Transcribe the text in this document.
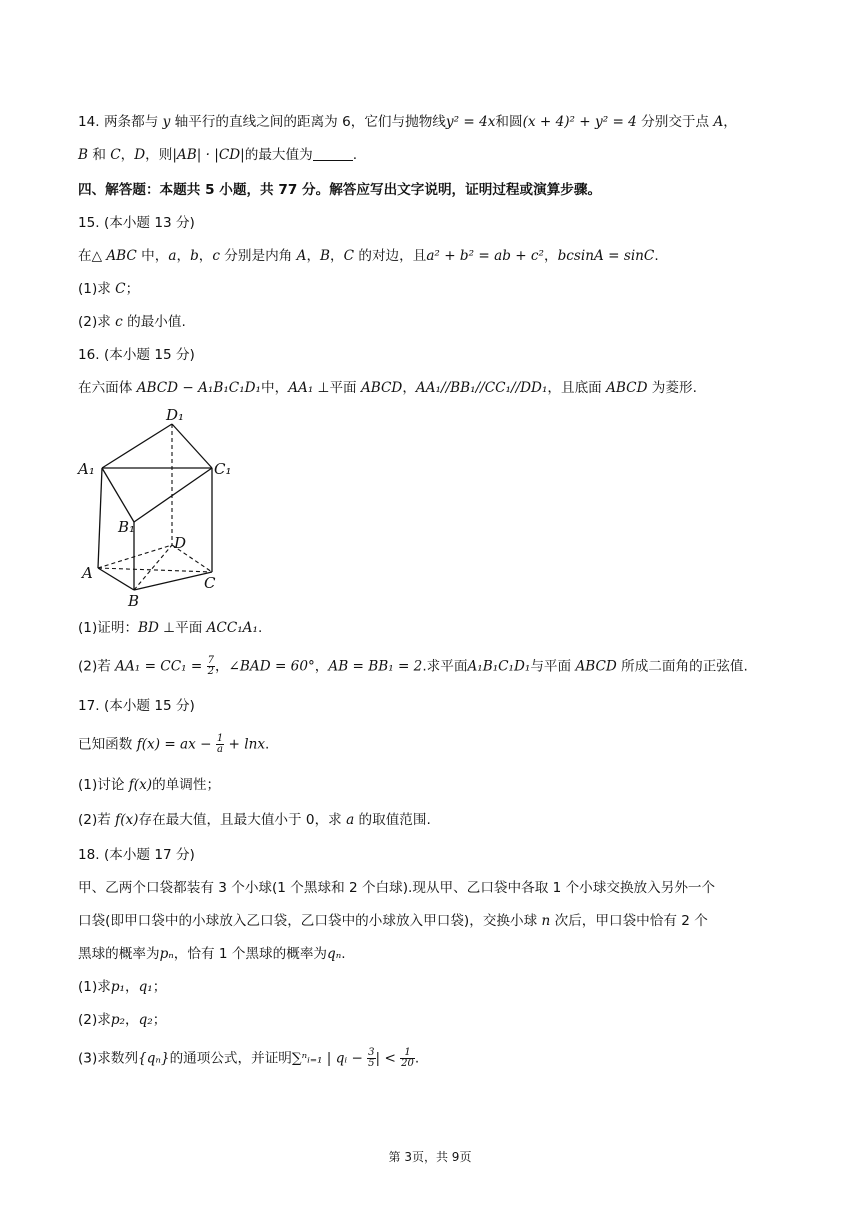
14. 两条都与 y 轴平行的直线之间的距离为 6，它们与抛物线y² = 4x和圆(x + 4)² + y² = 4 分别交于点 A，
B 和 C，D，则|AB| · |CD|的最大值为	.
四、解答题：本题共 5 小题，共 77 分。解答应写出文字说明，证明过程或演算步骤。
15. (本小题 13 分)
在△ ABC 中，a，b，c 分别是内角 A，B，C 的对边，且a² + b² = ab + c²，bcsinA = sinC.
(1)求 C；
(2)求 c 的最小值.
16. (本小题 15 分)
在六面体 ABCD − A₁B₁C₁D₁中，AA₁ ⊥平面 ABCD，AA₁//BB₁//CC₁//DD₁，且底面 ABCD 为菱形.
D₁
A₁	C₁
B₁
D
A
C
B
(1)证明：BD ⊥平面 ACC₁A₁.
(2)若 $AA_1 = CC_1 = \frac{7}{2}$ ，∠BAD = 60°，AB = BB₁ = 2.求平面A₁B₁C₁D₁与平面 ABCD 所成二面角的正弦值.
17. (本小题 15 分)
已知函数 f(x) = ax − $\frac{1}{a} + \ln x$.
(1)讨论 f(x)的单调性；
(2)若 f(x)存在最大值，且最大值小于 0，求 a 的取值范围.
18. (本小题 17 分)
甲、乙两个口袋都装有 3 个小球(1 个黑球和 2 个白球).现从甲、乙口袋中各取 1 个小球交换放入另外一个
口袋(即甲口袋中的小球放入乙口袋，乙口袋中的小球放入甲口袋)，交换小球 n 次后，甲口袋中恰有 2 个
黑球的概率为pₙ，恰有 1 个黑球的概率为qₙ.
(1)求p₁，q₁；
(2)求p₂，q₂；
(3)求数列{qₙ}的通项公式，并证明∑ⁿᵢ₌₁ | qᵢ − $\frac{3}{5}$ | < $\frac{1}{20}$ .
第 3页，共 9页
